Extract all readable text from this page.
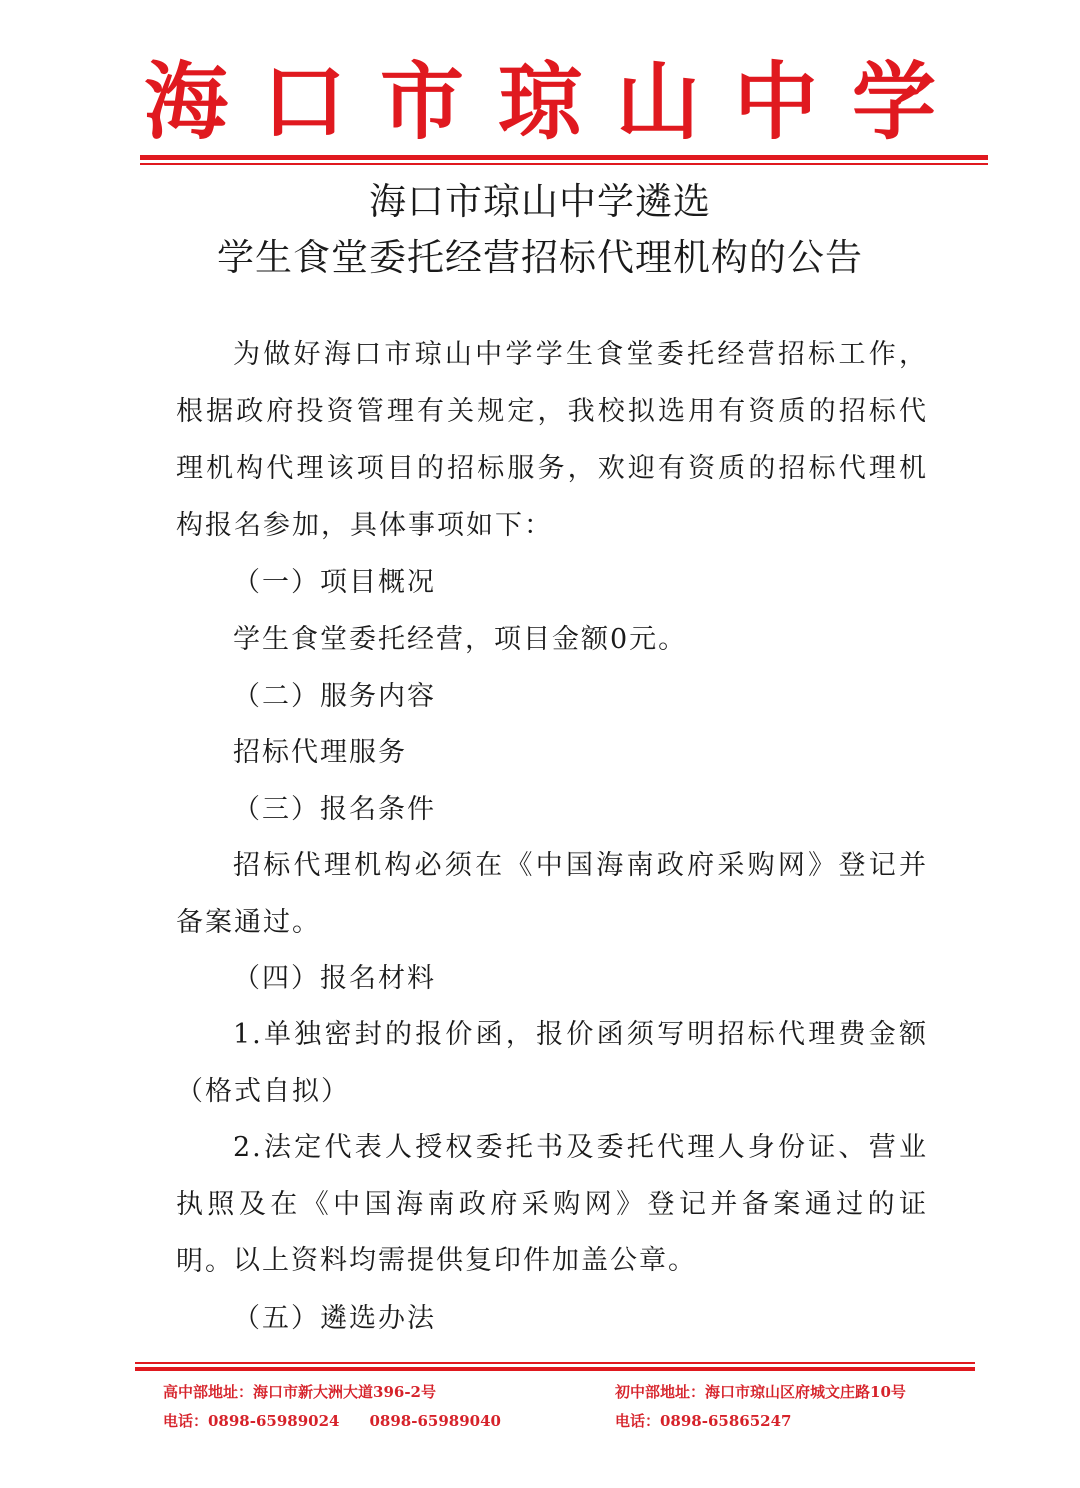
海口市琼山中学
海口市琼山中学遴选
学生食堂委托经营招标代理机构的公告
为做好海口市琼山中学学生食堂委托经营招标工作，根据政府投资管理有关规定，我校拟选用有资质的招标代理机构代理该项目的招标服务，欢迎有资质的招标代理机构报名参加，具体事项如下：
（一）项目概况
学生食堂委托经营，项目金额0元。
（二）服务内容
招标代理服务
（三）报名条件
招标代理机构必须在《中国海南政府采购网》登记并备案通过。
（四）报名材料
1.单独密封的报价函，报价函须写明招标代理费金额（格式自拟）
2.法定代表人授权委托书及委托代理人身份证、营业执照及在《中国海南政府采购网》登记并备案通过的证明。 以上资料均需提供复印件加盖公章。
（五）遴选办法
高中部地址：海口市新大洲大道396-2号
电话：0898-65989024 0898-65989040
初中部地址：海口市琼山区府城文庄路10号
电话：0898-65865247
